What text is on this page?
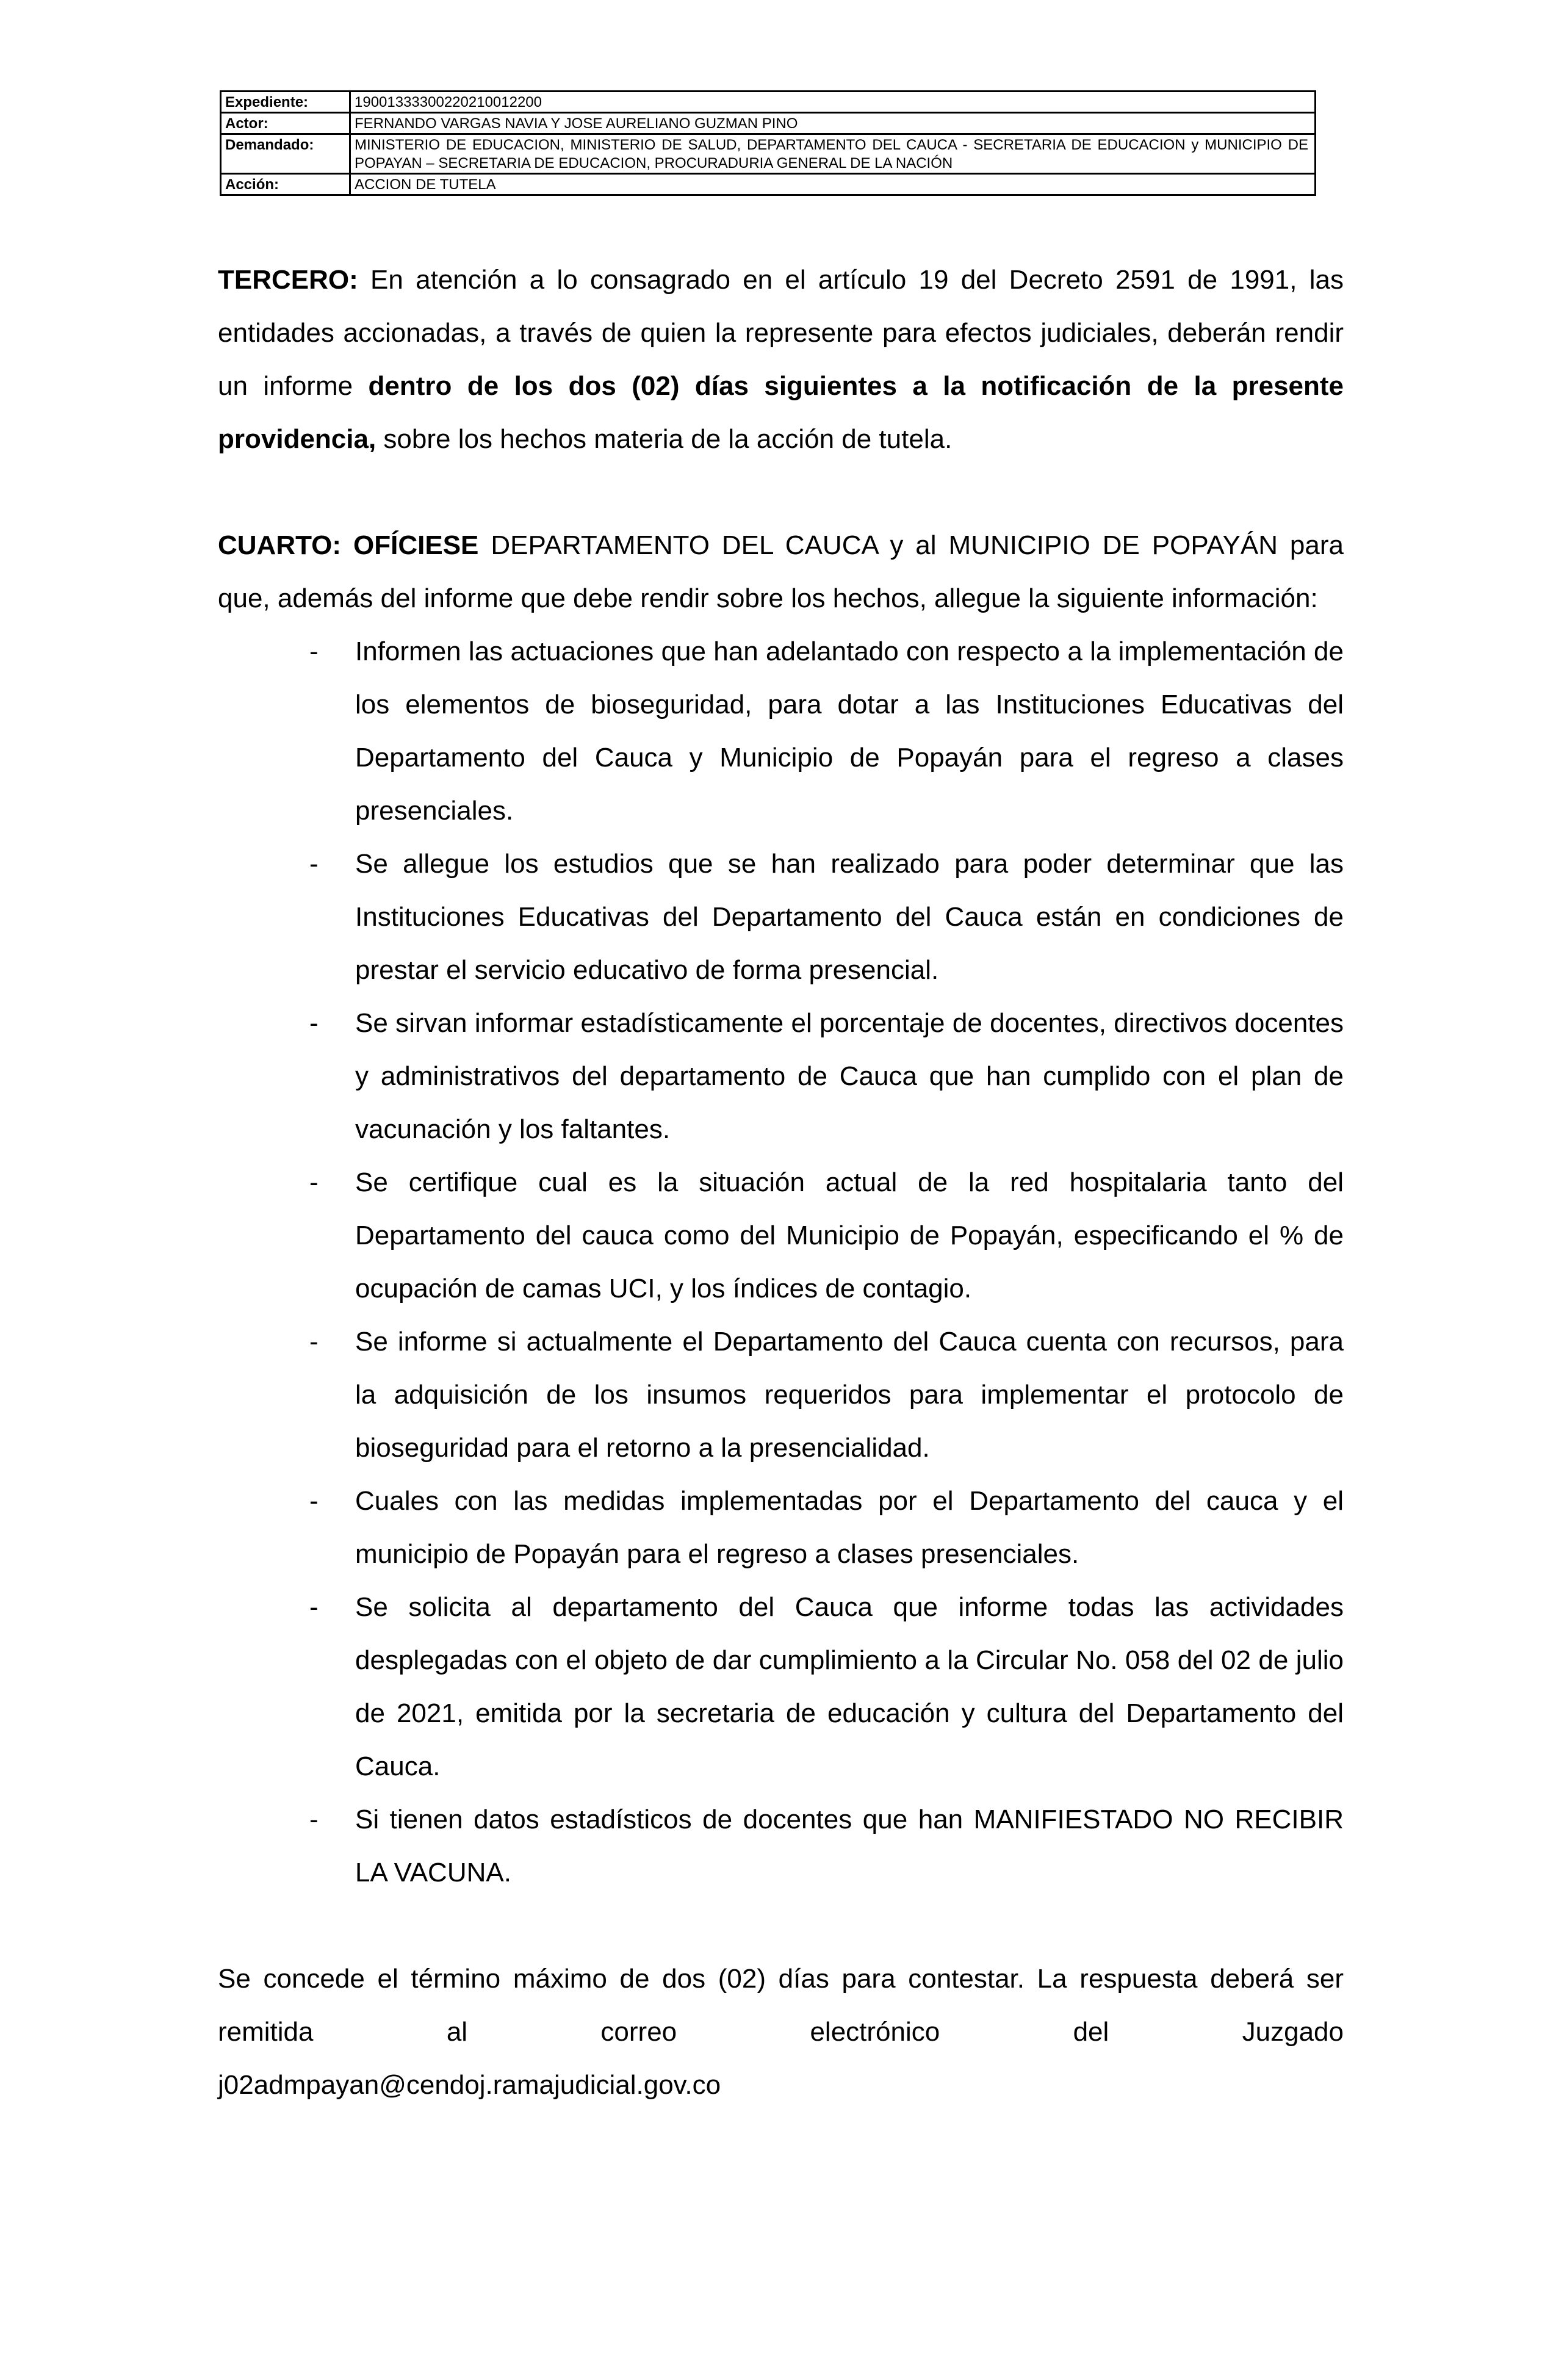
Expediente:	19001333300220210012200
Actor:	FERNANDO VARGAS NAVIA Y JOSE AURELIANO GUZMAN PINO
Demandado:	MINISTERIO DE EDUCACION, MINISTERIO DE SALUD, DEPARTAMENTO DEL CAUCA - SECRETARIA DE EDUCACION y MUNICIPIO DE POPAYAN – SECRETARIA DE EDUCACION, PROCURADURIA GENERAL DE LA NACIÓN
Acción:	ACCION DE TUTELA

TERCERO: En atención a lo consagrado en el artículo 19 del Decreto 2591 de 1991, las entidades accionadas, a través de quien la represente para efectos judiciales, deberán rendir un informe dentro de los dos (02) días siguientes a la notificación de la presente providencia, sobre los hechos materia de la acción de tutela.

CUARTO: OFÍCIESE DEPARTAMENTO DEL CAUCA y al MUNICIPIO DE POPAYÁN para que, además del informe que debe rendir sobre los hechos, allegue la siguiente información:

- Informen las actuaciones que han adelantado con respecto a la implementación de los elementos de bioseguridad, para dotar a las Instituciones Educativas del Departamento del Cauca y Municipio de Popayán para el regreso a clases presenciales.
- Se allegue los estudios que se han realizado para poder determinar que las Instituciones Educativas del Departamento del Cauca están en condiciones de prestar el servicio educativo de forma presencial.
- Se sirvan informar estadísticamente el porcentaje de docentes, directivos docentes y administrativos del departamento de Cauca que han cumplido con el plan de vacunación y los faltantes.
- Se certifique cual es la situación actual de la red hospitalaria tanto del Departamento del cauca como del Municipio de Popayán, especificando el % de ocupación de camas UCI, y los índices de contagio.
- Se informe si actualmente el Departamento del Cauca cuenta con recursos, para la adquisición de los insumos requeridos para implementar el protocolo de bioseguridad para el retorno a la presencialidad.
- Cuales con las medidas implementadas por el Departamento del cauca y el municipio de Popayán para el regreso a clases presenciales.
- Se solicita al departamento del Cauca que informe todas las actividades desplegadas con el objeto de dar cumplimiento a la Circular No. 058 del 02 de julio de 2021, emitida por la secretaria de educación y cultura del Departamento del Cauca.
- Si tienen datos estadísticos de docentes que han MANIFIESTADO NO RECIBIR LA VACUNA.

Se concede el término máximo de dos (02) días para contestar. La respuesta deberá ser remitida al correo electrónico del Juzgado

j02admpayan@cendoj.ramajudicial.gov.co
